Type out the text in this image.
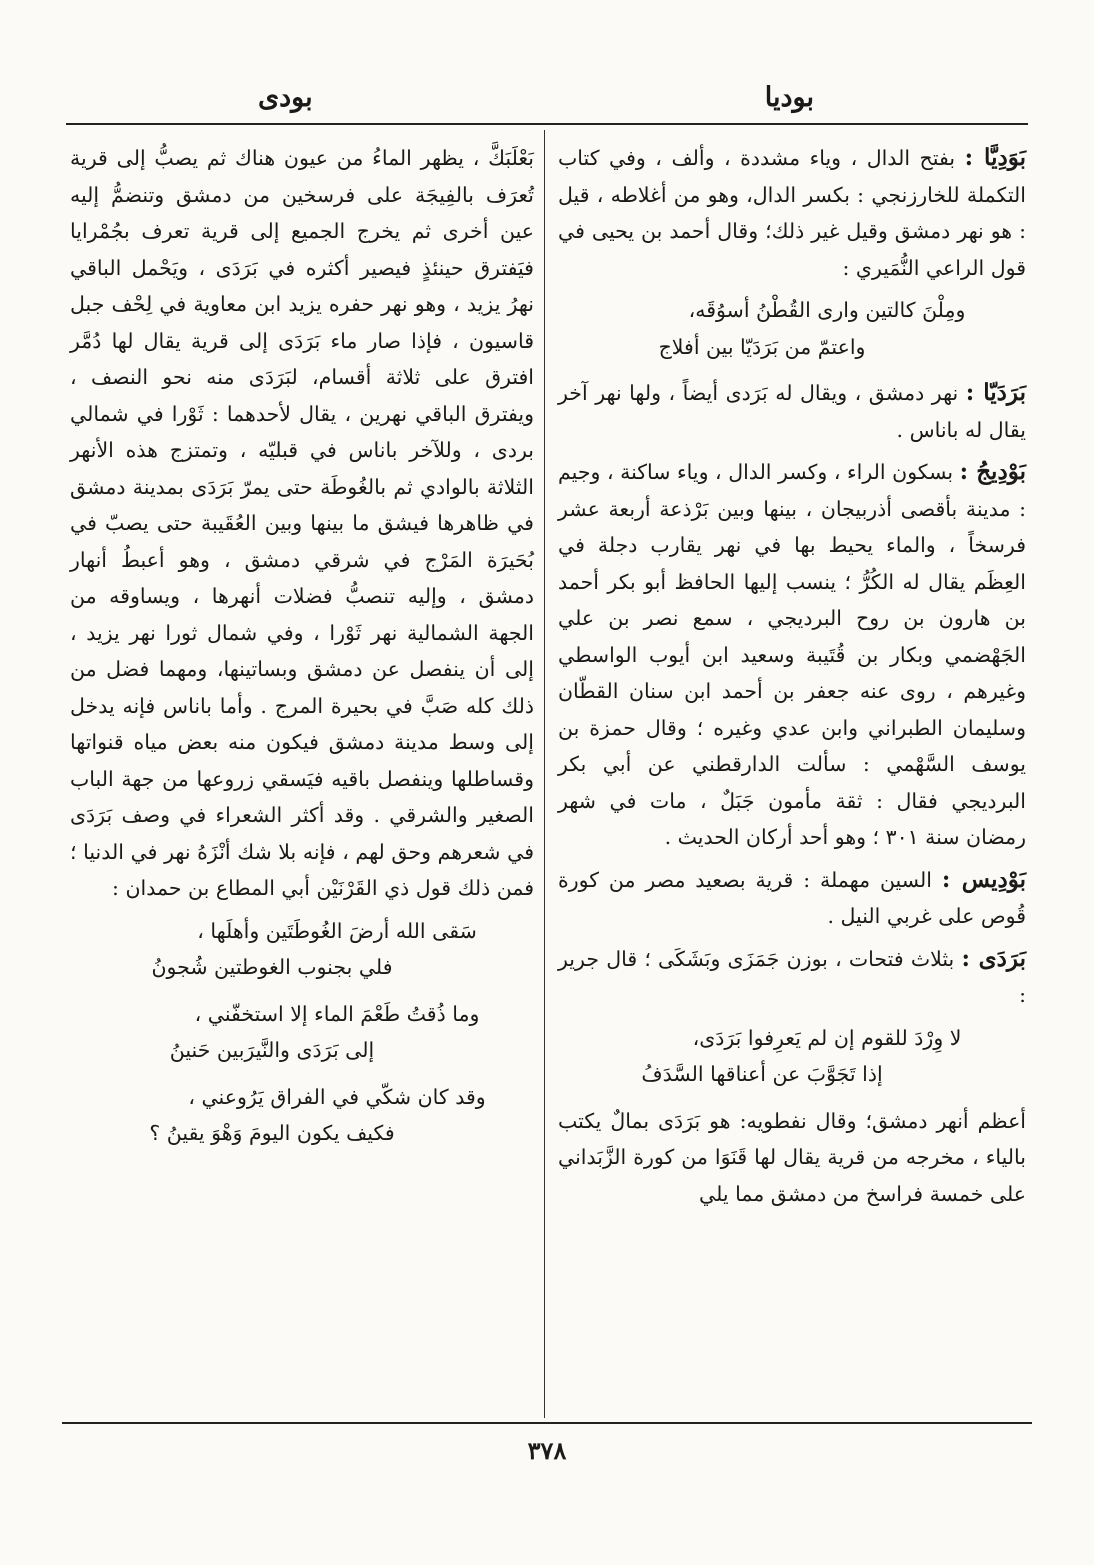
بوديا
بودى

بَوَدِيَّا : بفتح الدال ، وياء مشددة ، وألف ، وفي كتاب التكملة للخارزنجي : بكسر الدال، وهو من أغلاطه ، قيل : هو نهر دمشق وقيل غير ذلك؛ وقال أحمد بن يحيى في قول الراعي النُّمَيري :

ومِلْنَ كالتين وارى القُطْنُ أسوُقَه،
واعتمّ من بَرَدَيّا بين أفلاج

بَرَدَيّا : نهر دمشق ، ويقال له بَرَدى أيضاً ، ولها نهر آخر يقال له باناس .

بَوْدِيجُ : بسكون الراء ، وكسر الدال ، وياء ساكنة ، وجيم : مدينة بأقصى أذربيجان ، بينها وبين بَرْذعة أربعة عشر فرسخاً ، والماء يحيط بها في نهر يقارب دجلة في العِظَم يقال له الكُرُّ ؛ ينسب إليها الحافظ أبو بكر أحمد بن هارون بن روح البرديجي ، سمع نصر بن علي الجَهْضمي وبكار بن قُتَيبة وسعيد ابن أيوب الواسطي وغيرهم ، روى عنه جعفر بن أحمد ابن سنان القطّان وسليمان الطبراني وابن عدي وغيره ؛ وقال حمزة بن يوسف السَّهْمي : سألت الدارقطني عن أبي بكر البرديجي فقال : ثقة مأمون جَبَلٌ ، مات في شهر رمضان سنة ٣٠١ ؛ وهو أحد أركان الحديث .

بَوْدِيس : السين مهملة : قرية بصعيد مصر من كورة قُوص على غربي النيل .

بَرَدَى : بثلاث فتحات ، بوزن جَمَزَى وبَشَكَى ؛ قال جرير :

لا وِرْدَ للقوم إن لم يَعرِفوا بَرَدَى،
إذا تَجَوَّبَ عن أعناقها السَّدَفُ

أعظم أنهر دمشق؛ وقال نفطويه: هو بَرَدَى بمالٌ يكتب بالياء ، مخرجه من قرية يقال لها قَنَوَا من كورة الزَّبَداني على خمسة فراسخ من دمشق مما يلي

بَعْلَبَكَّ ، يظهر الماءُ من عيون هناك ثم يصبُّ إلى قرية تُعرَف بالفِيجَة على فرسخين من دمشق وتنضمُّ إليه عين أخرى ثم يخرج الجميع إلى قرية تعرف بجُمْرايا فيَفترق حينئذٍ فيصير أكثره في بَرَدَى ، ويَحْمل الباقي نهرُ يزيد ، وهو نهر حفره يزيد ابن معاوية في لِحْف جبل قاسيون ، فإذا صار ماء بَرَدَى إلى قرية يقال لها دُمَّر افترق على ثلاثة أقسام، لبَرَدَى منه نحو النصف ، ويفترق الباقي نهرين ، يقال لأحدهما : ثَوْرا في شمالي بردى ، وللآخر باناس في قبليّه ، وتمتزج هذه الأنهر الثلاثة بالوادي ثم بالغُوطَة حتى يمرّ بَرَدَى بمدينة دمشق في ظاهرها فيشق ما بينها وبين العُقَيبة حتى يصبّ في بُحَيرَة المَرْج في شرقي دمشق ، وهو أعبطُ أنهار دمشق ، وإليه تنصبُّ فضلات أنهرها ، ويساوقه من الجهة الشمالية نهر ثَوْرا ، وفي شمال ثورا نهر يزيد ، إلى أن ينفصل عن دمشق وبساتينها، ومهما فضل من ذلك كله صَبَّ في بحيرة المرج . وأما باناس فإنه يدخل إلى وسط مدينة دمشق فيكون منه بعض مياه قنواتها وقساطلها وينفصل باقيه فيَسقي زروعها من جهة الباب الصغير والشرقي . وقد أكثر الشعراء في وصف بَرَدَى في شعرهم وحق لهم ، فإنه بلا شك أنْزَهُ نهر في الدنيا ؛ فمن ذلك قول ذي القَرْنَيْن أبي المطاع بن حمدان :

سَقى الله أرضَ الغُوطَتَين وأهلَها ،
فلي بجنوب الغوطتين شُجونُ
وما ذُقتُ طَعْمَ الماء إلا استخفّني ،
إلى بَرَدَى والنَّيرَبين حَنينُ
وقد كان شكّي في الفراق يَرُوعني ،
فكيف يكون اليومَ وَهْوَ يقينُ ؟
٣٧٨
